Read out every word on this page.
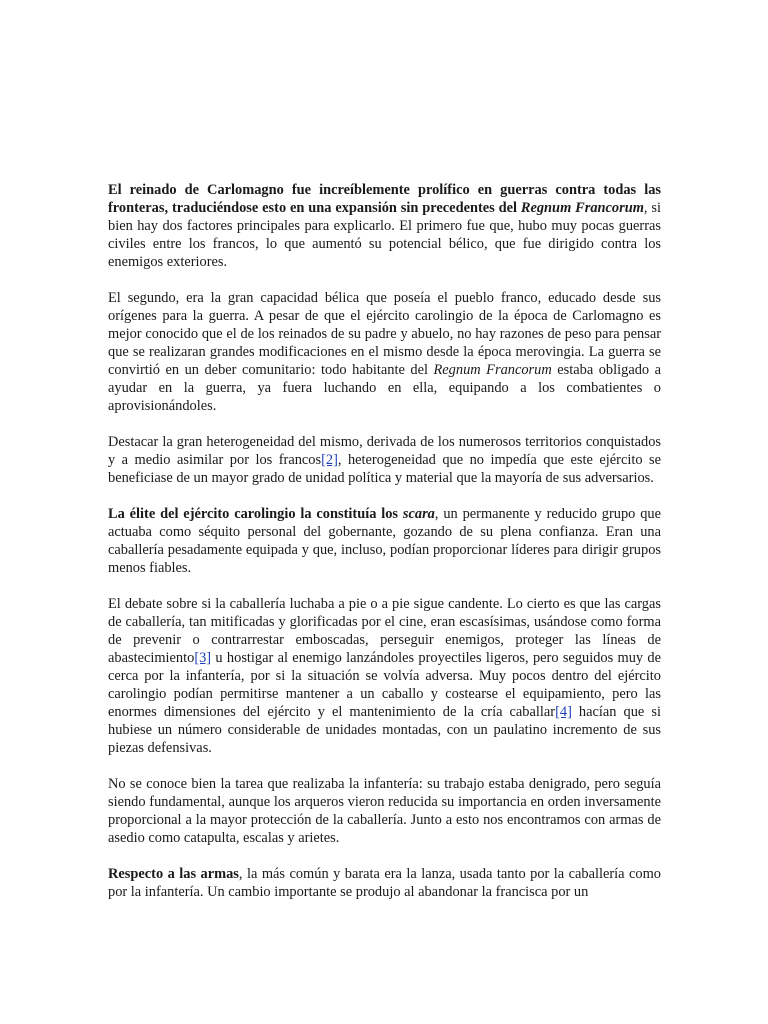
El reinado de Carlomagno fue increíblemente prolífico en guerras contra todas las fronteras, traduciéndose esto en una expansión sin precedentes del Regnum Francorum, si bien hay dos factores principales para explicarlo. El primero fue que, hubo muy pocas guerras civiles entre los francos, lo que aumentó su potencial bélico, que fue dirigido contra los enemigos exteriores.

El segundo, era la gran capacidad bélica que poseía el pueblo franco, educado desde sus orígenes para la guerra. A pesar de que el ejército carolingio de la época de Carlomagno es mejor conocido que el de los reinados de su padre y abuelo, no hay razones de peso para pensar que se realizaran grandes modificaciones en el mismo desde la época merovingia. La guerra se convirtió en un deber comunitario: todo habitante del Regnum Francorum estaba obligado a ayudar en la guerra, ya fuera luchando en ella, equipando a los combatientes o aprovisionándoles.

Destacar la gran heterogeneidad del mismo, derivada de los numerosos territorios conquistados y a medio asimilar por los francos[2], heterogeneidad que no impedía que este ejército se beneficiase de un mayor grado de unidad política y material que la mayoría de sus adversarios.

La élite del ejército carolingio la constituía los scara, un permanente y reducido grupo que actuaba como séquito personal del gobernante, gozando de su plena confianza. Eran una caballería pesadamente equipada y que, incluso, podían proporcionar líderes para dirigir grupos menos fiables.

El debate sobre si la caballería luchaba a pie o a pie sigue candente. Lo cierto es que las cargas de caballería, tan mitificadas y glorificadas por el cine, eran escasísimas, usándose como forma de prevenir o contrarrestar emboscadas, perseguir enemigos, proteger las líneas de abastecimiento[3] u hostigar al enemigo lanzándoles proyectiles ligeros, pero seguidos muy de cerca por la infantería, por si la situación se volvía adversa. Muy pocos dentro del ejército carolingio podían permitirse mantener a un caballo y costearse el equipamiento, pero las enormes dimensiones del ejército y el mantenimiento de la cría caballar[4] hacían que si hubiese un número considerable de unidades montadas, con un paulatino incremento de sus piezas defensivas.

No se conoce bien la tarea que realizaba la infantería: su trabajo estaba denigrado, pero seguía siendo fundamental, aunque los arqueros vieron reducida su importancia en orden inversamente proporcional a la mayor protección de la caballería. Junto a esto nos encontramos con armas de asedio como catapulta, escalas y arietes.

Respecto a las armas, la más común y barata era la lanza, usada tanto por la caballería como por la infantería. Un cambio importante se produjo al abandonar la francisca por un
